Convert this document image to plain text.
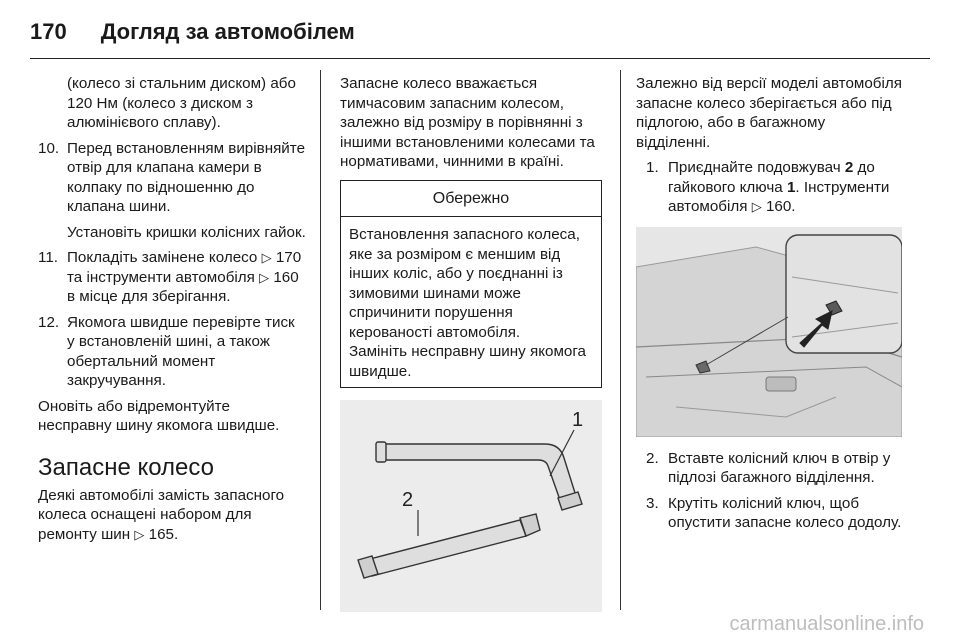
170 Догляд за автомобілем

(колесо зі стальним диском) або 120 Нм (колесо з диском з алюмінієвого сплаву).

10. Перед встановленням вирівняйте отвір для клапана камери в колпаку по відношенню до клапана шини.

Установіть кришки колісних гайок.

11. Покладіть замінене колесо ▷ 170 та інструменти автомобіля ▷ 160 в місце для зберігання.
12. Якомога швидше перевірте тиск у встановленій шині, а також обертальний момент закручування.

Оновіть або відремонтуйте несправну шину якомога швидше.

Запасне колесо

Деякі автомобілі замість запасного колеса оснащені набором для ремонту шин ▷ 165.

Запасне колесо вважається тимчасовим запасним колесом, залежно від розміру в порівнянні з іншими встановленими колесами та нормативами, чинними в країні.

Обережно

Встановлення запасного колеса, яке за розміром є меншим від інших коліс, або у поєднанні із зимовими шинами може спричинити порушення керованості автомобіля.

Замініть несправну шину якомога швидше.

1
2

Залежно від версії моделі автомобіля запасне колесо зберігається або під підлогою, або в багажному відділенні.

1. Приєднайте подовжувач 2 до гайкового ключа 1. Інструменти автомобіля ▷ 160.
2. Вставте колісний ключ в отвір у підлозі багажного відділення.
3. Крутіть колісний ключ, щоб опустити запасне колесо додолу.
carmanualsonline.info
